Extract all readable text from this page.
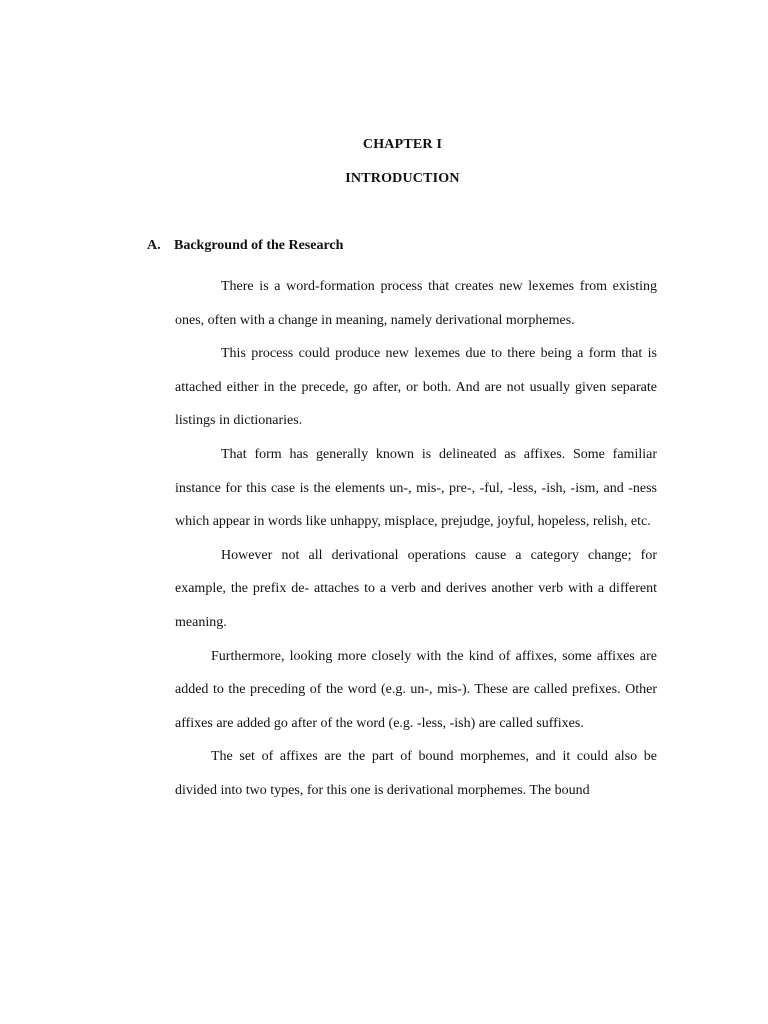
CHAPTER I
INTRODUCTION
A. Background of the Research

There is a word-formation process that creates new lexemes from existing ones, often with a change in meaning, namely derivational morphemes.

This process could produce new lexemes due to there being a form that is attached either in the precede, go after, or both. And are not usually given separate listings in dictionaries.

That form has generally known is delineated as affixes. Some familiar instance for this case is the elements un-, mis-, pre-, -ful, -less, -ish, -ism, and -ness which appear in words like unhappy, misplace, prejudge, joyful, hopeless, relish, etc.

However not all derivational operations cause a category change; for example, the prefix de- attaches to a verb and derives another verb with a different meaning.

Furthermore, looking more closely with the kind of affixes, some affixes are added to the preceding of the word (e.g. un-, mis-). These are called prefixes. Other affixes are added go after of the word (e.g. -less, -ish) are called suffixes.

The set of affixes are the part of bound morphemes, and it could also be divided into two types, for this one is derivational morphemes. The bound
